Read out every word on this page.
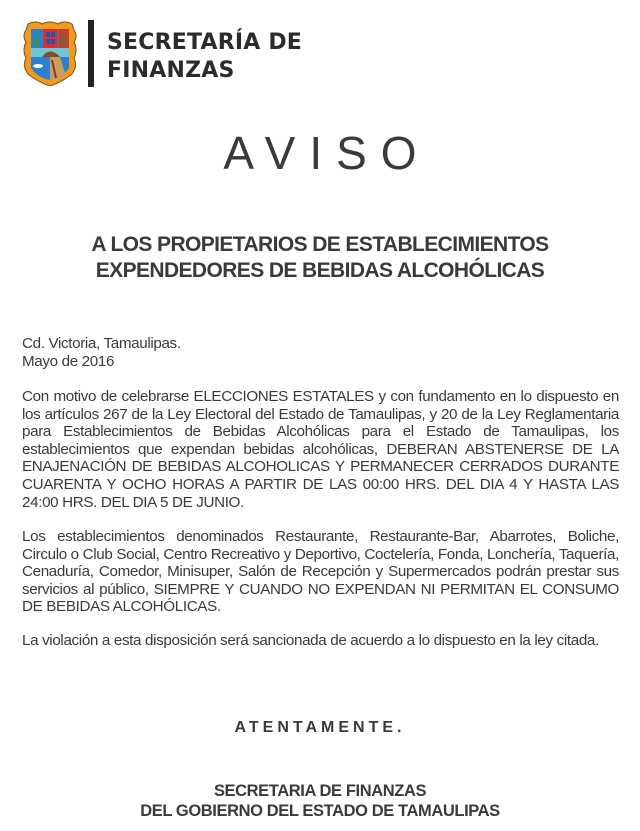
SECRETARÍA DE
FINANZAS
AVISO
A LOS PROPIETARIOS DE ESTABLECIMIENTOS
EXPENDEDORES DE BEBIDAS ALCOHÓLICAS
Cd. Victoria, Tamaulipas.
Mayo de 2016

Con motivo de celebrarse ELECCIONES ESTATALES y con fundamento en lo dispuesto en los artículos 267 de la Ley Electoral del Estado de Tamaulipas, y 20 de la Ley Reglamentaria para Establecimientos de Bebidas Alcohólicas para el Estado de Tamaulipas, los establecimientos que expendan bebidas alcohólicas, DEBERAN ABSTENERSE DE LA ENAJENACIÓN DE BEBIDAS ALCOHOLICAS Y PERMANECER CERRADOS DURANTE CUARENTA Y OCHO HORAS A PARTIR DE LAS 00:00 HRS. DEL DIA 4 Y HASTA LAS 24:00 HRS. DEL DIA 5 DE JUNIO.

Los establecimientos denominados Restaurante, Restaurante-Bar, Abarrotes, Boliche, Circulo o Club Social, Centro Recreativo y Deportivo, Coctelería, Fonda, Lonchería, Taquería, Cenaduría, Comedor, Minisuper, Salón de Recepción y Supermercados podrán prestar sus servicios al público, SIEMPRE Y CUANDO NO EXPENDAN NI PERMITAN EL CONSUMO DE BEBIDAS ALCOHÓLICAS.

La violación a esta disposición será sancionada de acuerdo a lo dispuesto en la ley citada.

ATENTAMENTE.
SECRETARIA DE FINANZAS
DEL GOBIERNO DEL ESTADO DE TAMAULIPAS
